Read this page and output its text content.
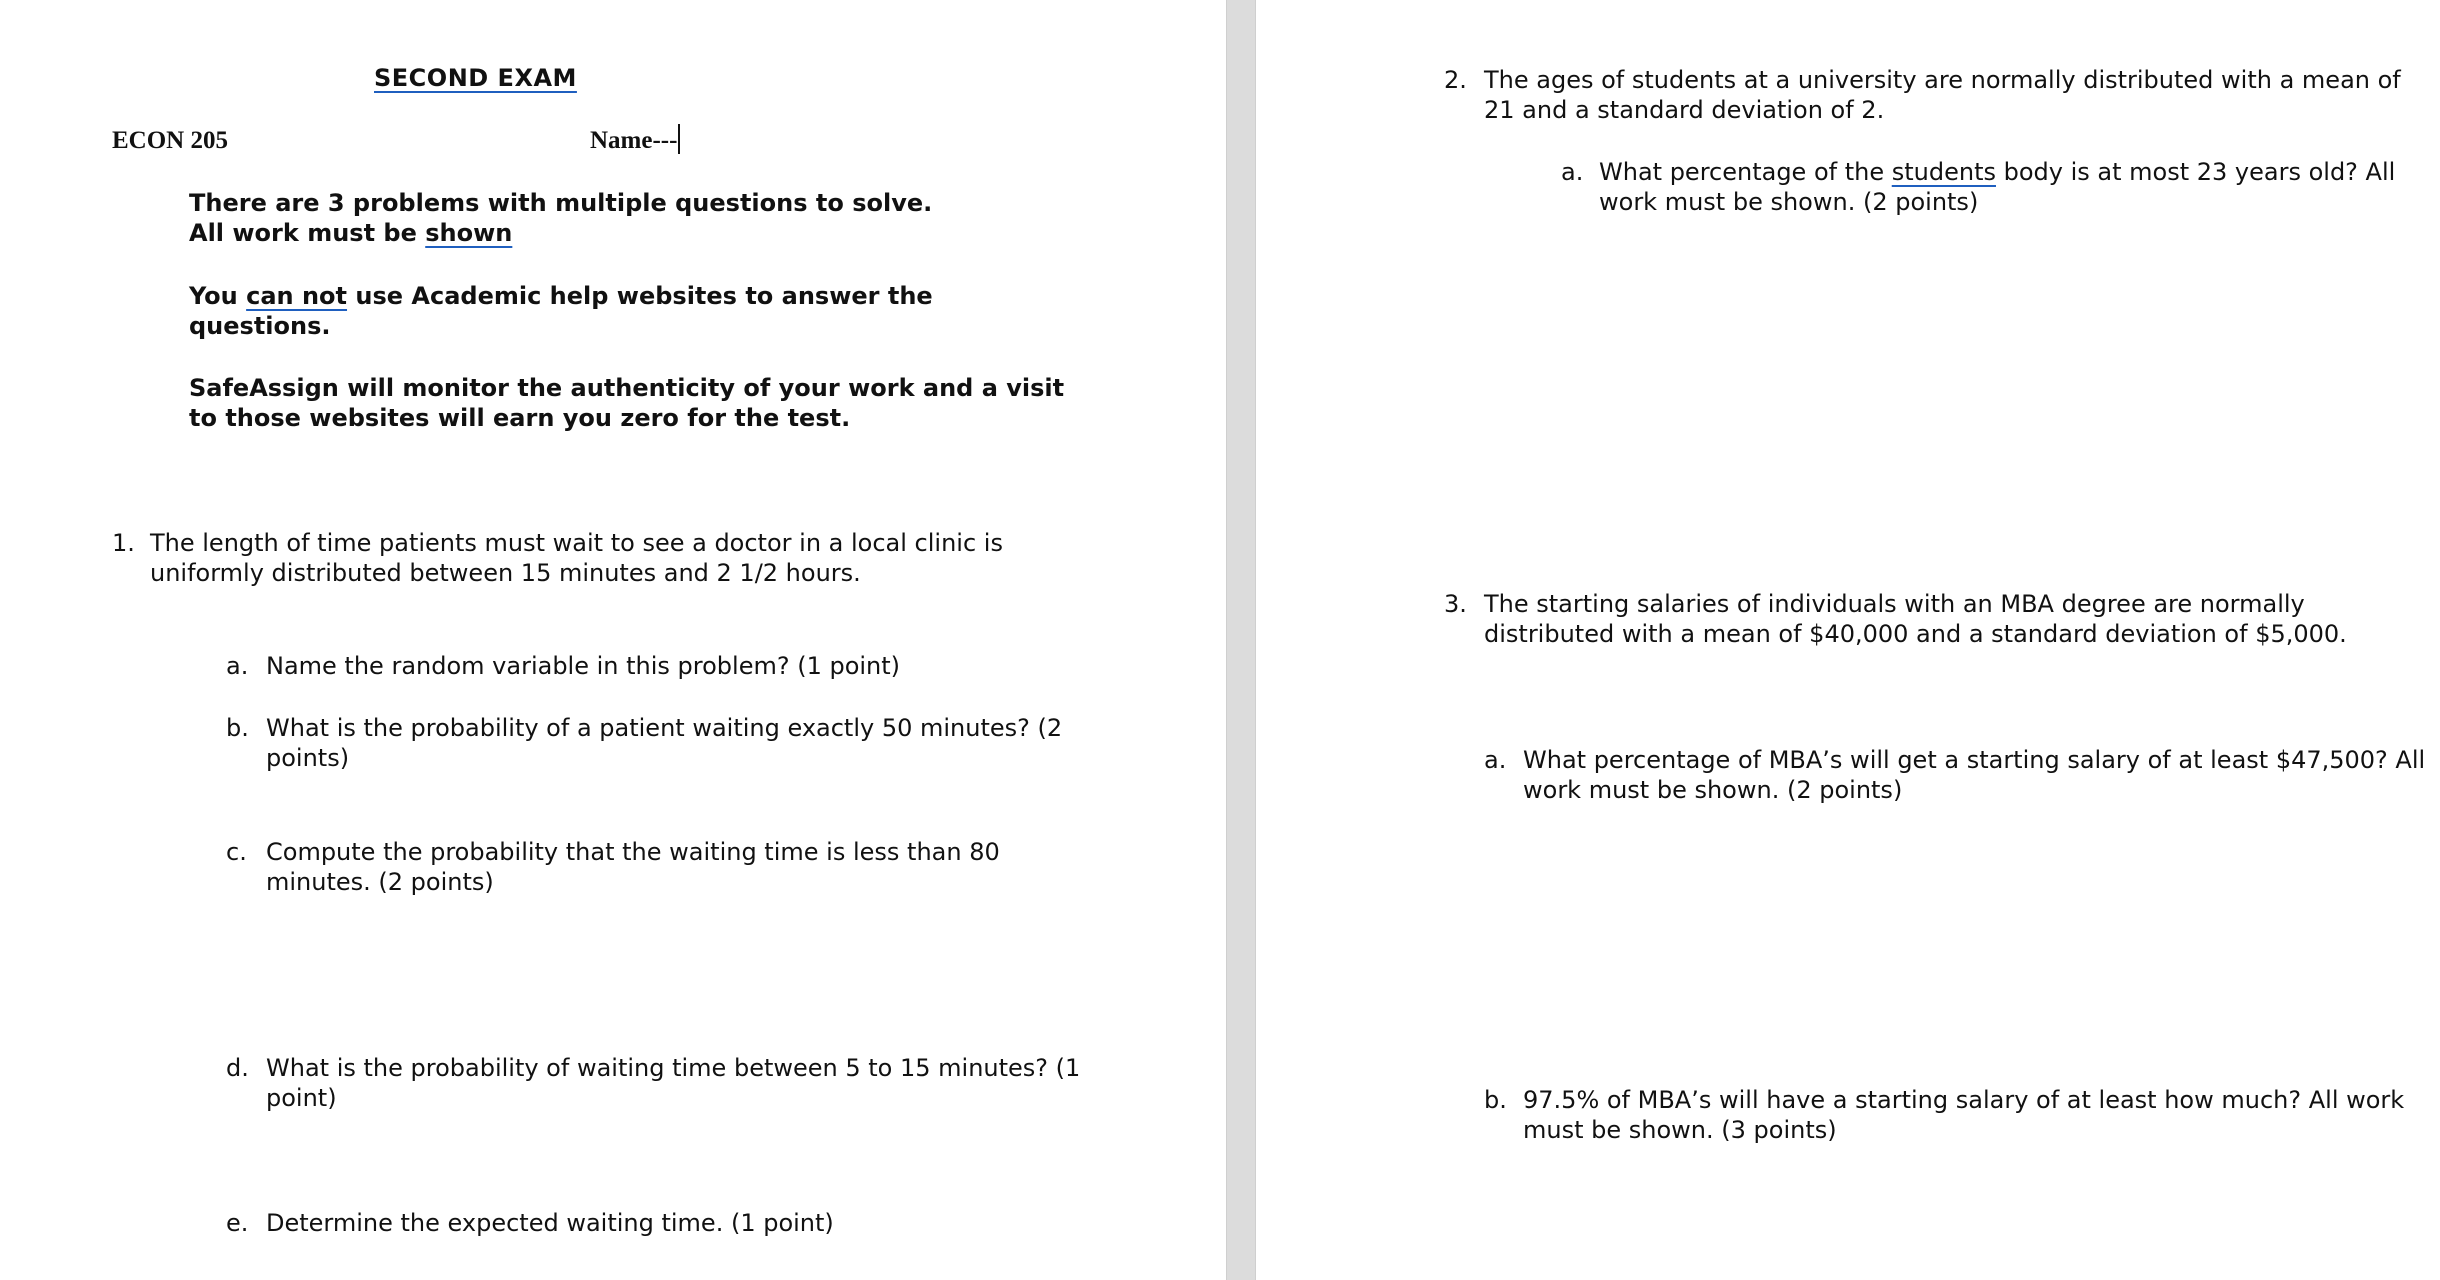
SECOND EXAM
ECON 205	Name---
There are 3 problems with multiple questions to solve.
All work must be shown
You can not use Academic help websites to answer the
questions.
SafeAssign will monitor the authenticity of your work and a visit
to those websites will earn you zero for the test.
1. The length of time patients must wait to see a doctor in a local clinic is
uniformly distributed between 15 minutes and 2 1/2 hours.
a. Name the random variable in this problem? (1 point)
b. What is the probability of a patient waiting exactly 50 minutes? (2
points)
c. Compute the probability that the waiting time is less than 80
minutes. (2 points)
d. What is the probability of waiting time between 5 to 15 minutes? (1
point)
e. Determine the expected waiting time. (1 point)
2. The ages of students at a university are normally distributed with a mean of
21 and a standard deviation of 2.
a. What percentage of the students body is at most 23 years old? All
work must be shown. (2 points)
3. The starting salaries of individuals with an MBA degree are normally
distributed with a mean of $40,000 and a standard deviation of $5,000.
a. What percentage of MBA’s will get a starting salary of at least $47,500? All
work must be shown. (2 points)
b. 97.5% of MBA’s will have a starting salary of at least how much? All work
must be shown. (3 points)
